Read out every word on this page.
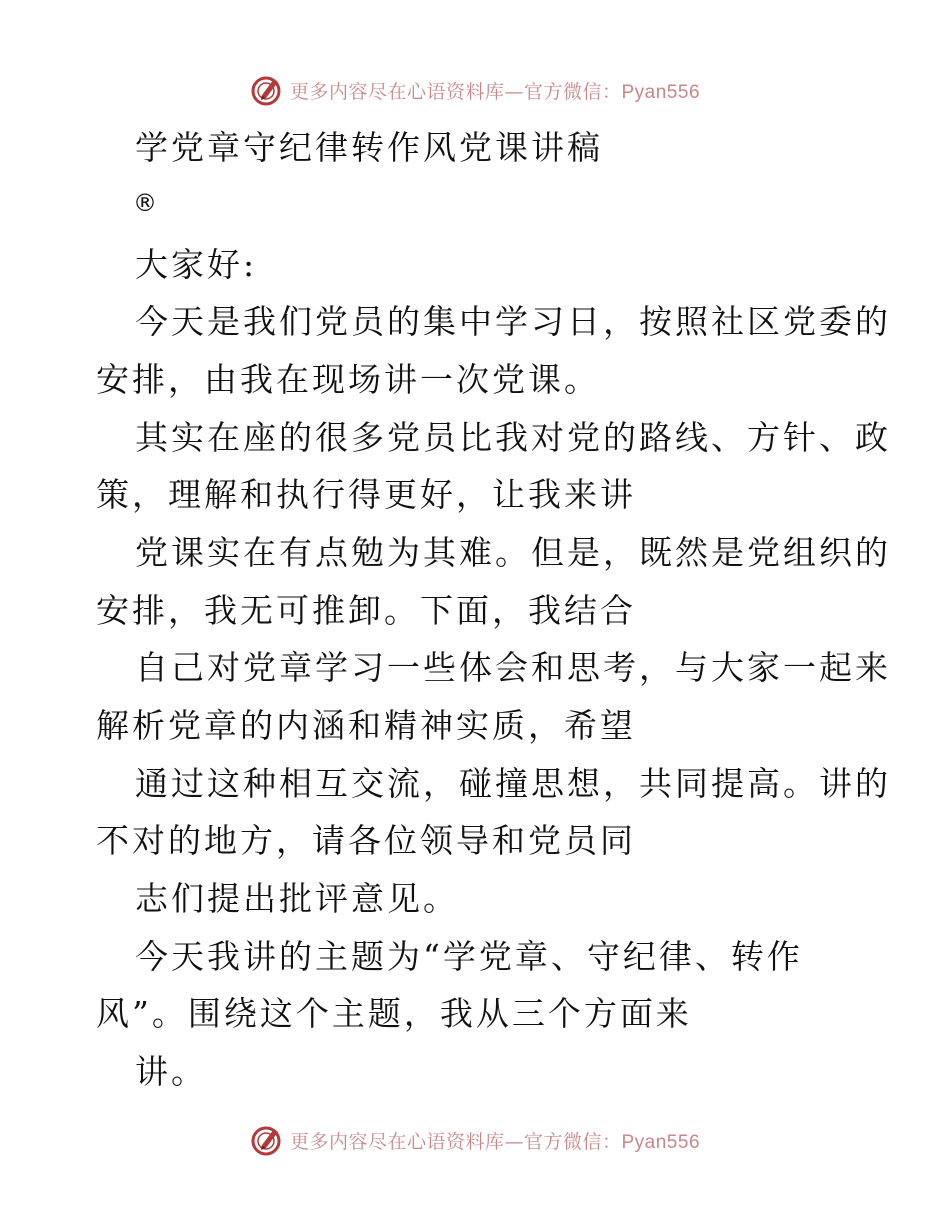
更多内容尽在心语资料库—官方微信：Pyan556
学党章守纪律转作风党课讲稿
®
大家好:
今天是我们党员的集中学习日，按照社区党委的
安排，由我在现场讲一次党课。
其实在座的很多党员比我对党的路线、方针、政
策，理解和执行得更好，让我来讲
党课实在有点勉为其难。但是，既然是党组织的
安排，我无可推卸。下面，我结合
自己对党章学习一些体会和思考，与大家一起来
解析党章的内涵和精神实质，希望
通过这种相互交流，碰撞思想，共同提高。讲的
不对的地方，请各位领导和党员同
志们提出批评意见。
今天我讲的主题为“学党章、守纪律、转作
风”。围绕这个主题，我从三个方面来
讲。
更多内容尽在心语资料库—官方微信：Pyan556
